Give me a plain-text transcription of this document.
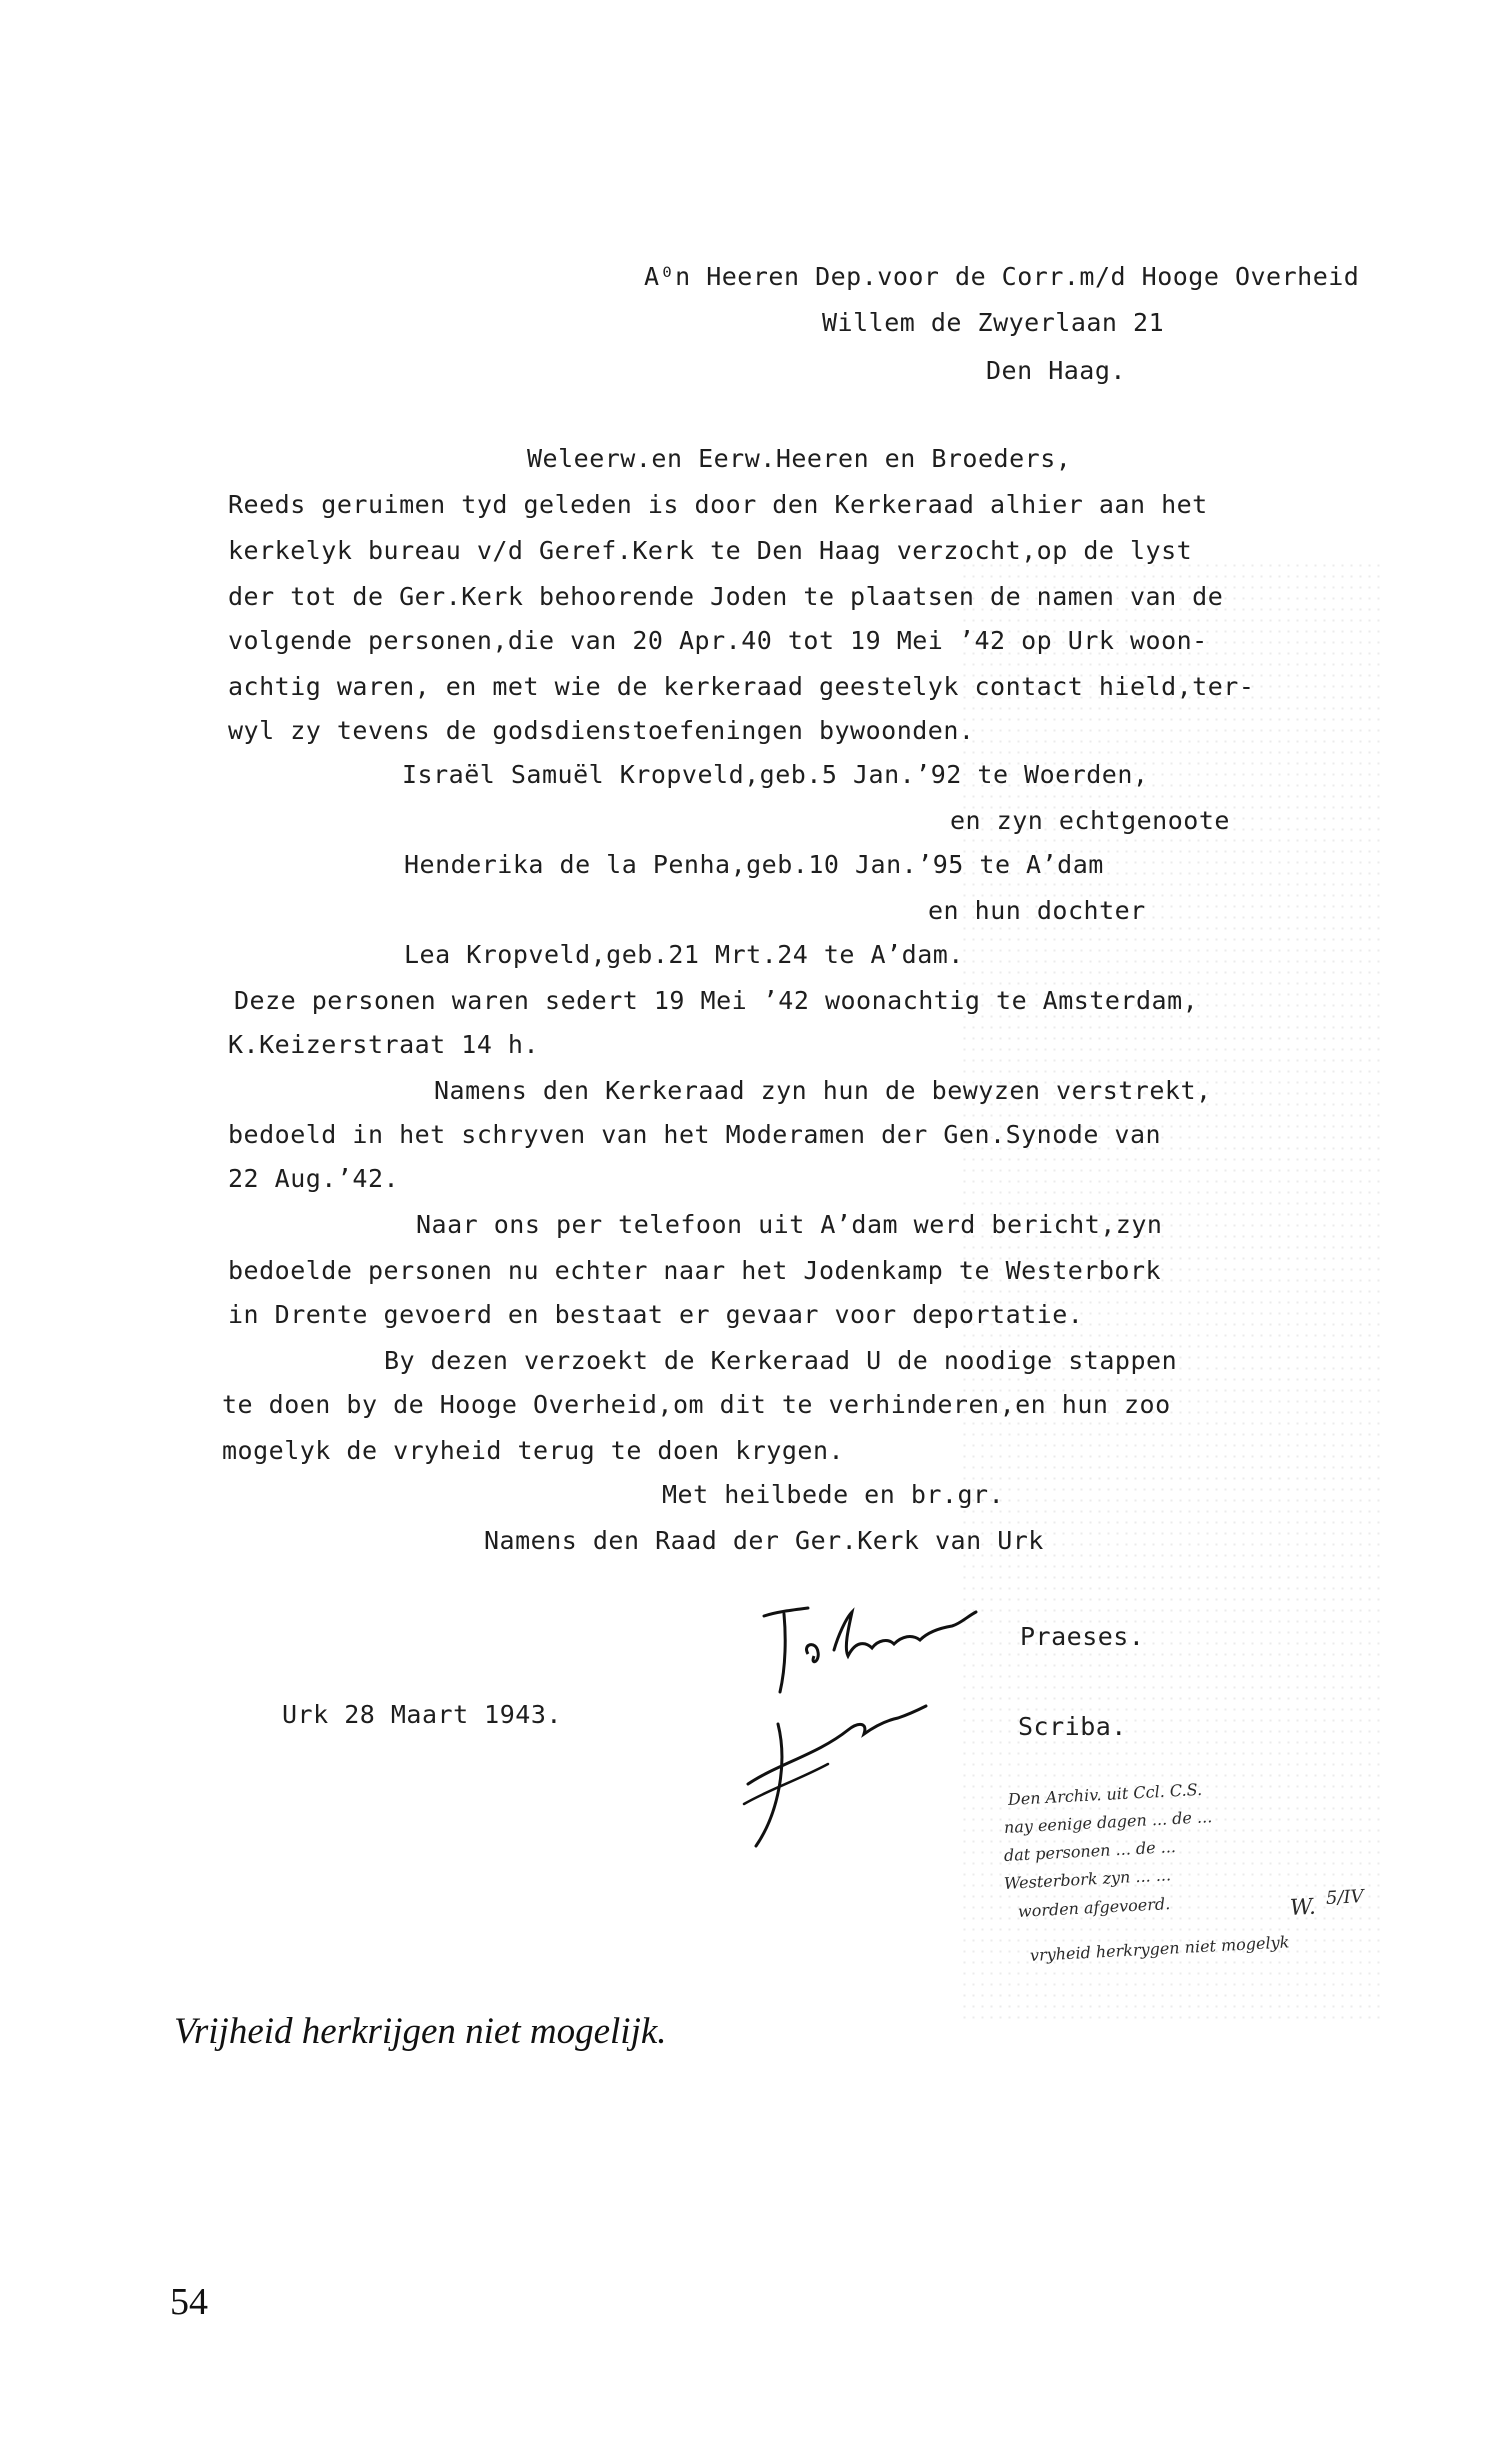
A⁰n Heeren Dep.voor de Corr.m/d Hooge Overheid
Willem de Zwyerlaan 21
Den Haag.
Weleerw.en Eerw.Heeren en Broeders,
Reeds geruimen tyd geleden is door den Kerkeraad alhier aan het
kerkelyk bureau v/d Geref.Kerk te Den Haag verzocht,op de lyst
der tot de Ger.Kerk behoorende Joden te plaatsen de namen van de
volgende personen,die van 20 Apr.40 tot 19 Mei ’42 op Urk woon-
achtig waren, en met wie de kerkeraad geestelyk contact hield,ter-
wyl zy tevens de godsdienstoefeningen bywoonden.
Israël Samuël Kropveld,geb.5 Jan.’92 te Woerden,
en zyn echtgenoote
Henderika de la Penha,geb.10 Jan.’95 te A’dam
en hun dochter
Lea Kropveld,geb.21 Mrt.24 te A’dam.
Deze personen waren sedert 19 Mei ’42 woonachtig te Amsterdam,
K.Keizerstraat 14 h.
Namens den Kerkeraad zyn hun de bewyzen verstrekt,
bedoeld in het schryven van het Moderamen der Gen.Synode van
22 Aug.’42.
Naar ons per telefoon uit A’dam werd bericht,zyn
bedoelde personen nu echter naar het Jodenkamp te Westerbork
in Drente gevoerd en bestaat er gevaar voor deportatie.
By dezen verzoekt de Kerkeraad U de noodige stappen
te doen by de Hooge Overheid,om dit te verhinderen,en hun zoo
mogelyk de vryheid terug te doen krygen.
Met heilbede en br.gr.
Namens den Raad der Ger.Kerk van Urk
Urk 28 Maart 1943.
Praeses.
Scriba.
Den Archiv. uit Ccl. C.S.
nay eenige dagen ... de ...
dat personen ... de ...
Westerbork zyn ... ...
worden afgevoerd.
vryheid herkrygen niet mogelyk
W. 5/IV
Vrijheid herkrijgen niet mogelijk.
54
